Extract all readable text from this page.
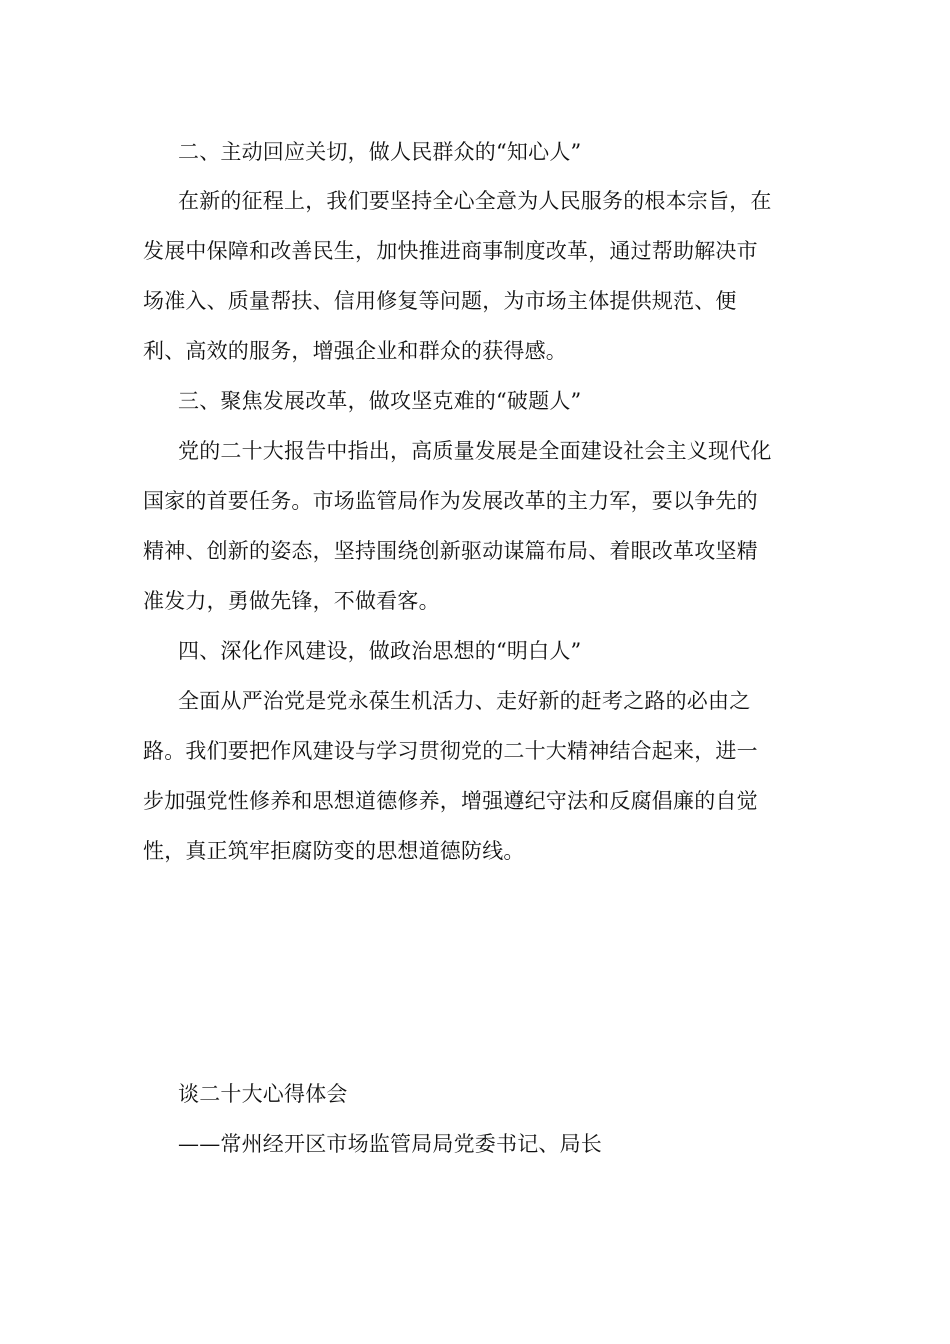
二、主动回应关切，做人民群众的“知心人”
在新的征程上，我们要坚持全心全意为人民服务的根本宗旨，在
发展中保障和改善民生，加快推进商事制度改革，通过帮助解决市
场准入、质量帮扶、信用修复等问题，为市场主体提供规范、便
利、高效的服务，增强企业和群众的获得感。
三、聚焦发展改革，做攻坚克难的“破题人”
党的二十大报告中指出，高质量发展是全面建设社会主义现代化
国家的首要任务。市场监管局作为发展改革的主力军，要以争先的
精神、创新的姿态，坚持围绕创新驱动谋篇布局、着眼改革攻坚精
准发力，勇做先锋，不做看客。
四、深化作风建设，做政治思想的“明白人”
全面从严治党是党永葆生机活力、走好新的赶考之路的必由之
路。我们要把作风建设与学习贯彻党的二十大精神结合起来，进一
步加强党性修养和思想道德修养，增强遵纪守法和反腐倡廉的自觉
性，真正筑牢拒腐防变的思想道德防线。
谈二十大心得体会
——常州经开区市场监管局局党委书记、局长
